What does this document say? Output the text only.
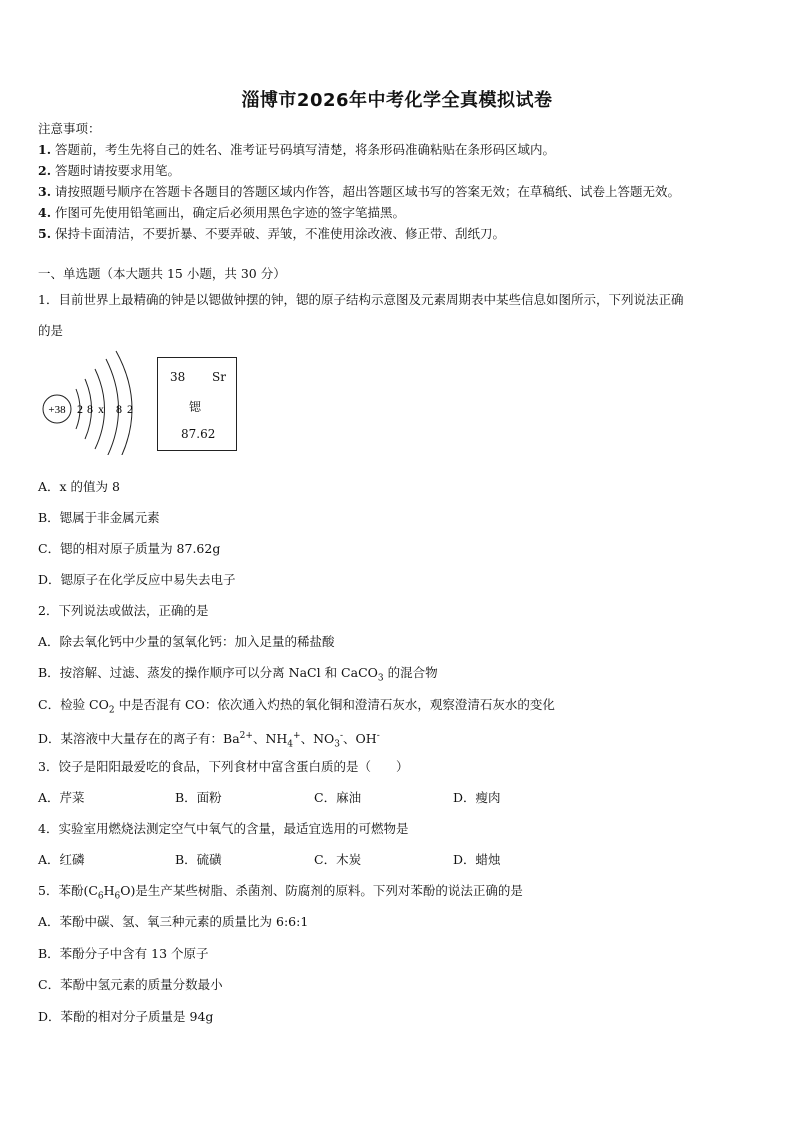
淄博市2026年中考化学全真模拟试卷
注意事项：
1. 答题前，考生先将自己的姓名、准考证号码填写清楚，将条形码准确粘贴在条形码区域内。
2. 答题时请按要求用笔。
3. 请按照题号顺序在答题卡各题目的答题区域内作答，超出答题区域书写的答案无效；在草稿纸、试卷上答题无效。
4. 作图可先使用铅笔画出，确定后必须用黑色字迹的签字笔描黑。
5. 保持卡面清洁，不要折暴、不要弄破、弄皱，不准使用涂改液、修正带、刮纸刀。
一、单选题（本大题共 15 小题，共 30 分）
1．目前世界上最精确的钟是以锶做钟摆的钟，锶的原子结构示意图及元素周期表中某些信息如图所示，下列说法正确
的是
+38 2 8 x 8 2
38 Sr
锶
87.62
A．x 的值为 8
B．锶属于非金属元素
C．锶的相对原子质量为 87.62g
D．锶原子在化学反应中易失去电子
2．下列说法或做法，正确的是
A．除去氧化钙中少量的氢氧化钙：加入足量的稀盐酸
B．按溶解、过滤、蒸发的操作顺序可以分离 NaCl 和 CaCO$_3$ 的混合物
C．检验 $CO_2$ 中是否混有 CO：依次通入灼热的氧化铜和澄清石灰水，观察澄清石灰水的变化
D．某溶液中大量存在的离子有：$Ba^{2+}$、$NH_4^+$、$NO_3^-$、OH-
3．饺子是阳阳最爱吃的食品，下列食材中富含蛋白质的是（　　）
A．芹菜	B．面粉	C．麻油	D．瘦肉
4．实验室用燃烧法测定空气中氧气的含量，最适宜选用的可燃物是
A．红磷	B．硫磺	C．木炭	D．蜡烛
5．苯酚$(C_6H_6O)$是生产某些树脂、杀菌剂、防腐剂的原料。下列对苯酚的说法正确的是
A．苯酚中碳、氢、氧三种元素的质量比为 6:6:1
B．苯酚分子中含有 13 个原子
C．苯酚中氢元素的质量分数最小
D．苯酚的相对分子质量是 94g
